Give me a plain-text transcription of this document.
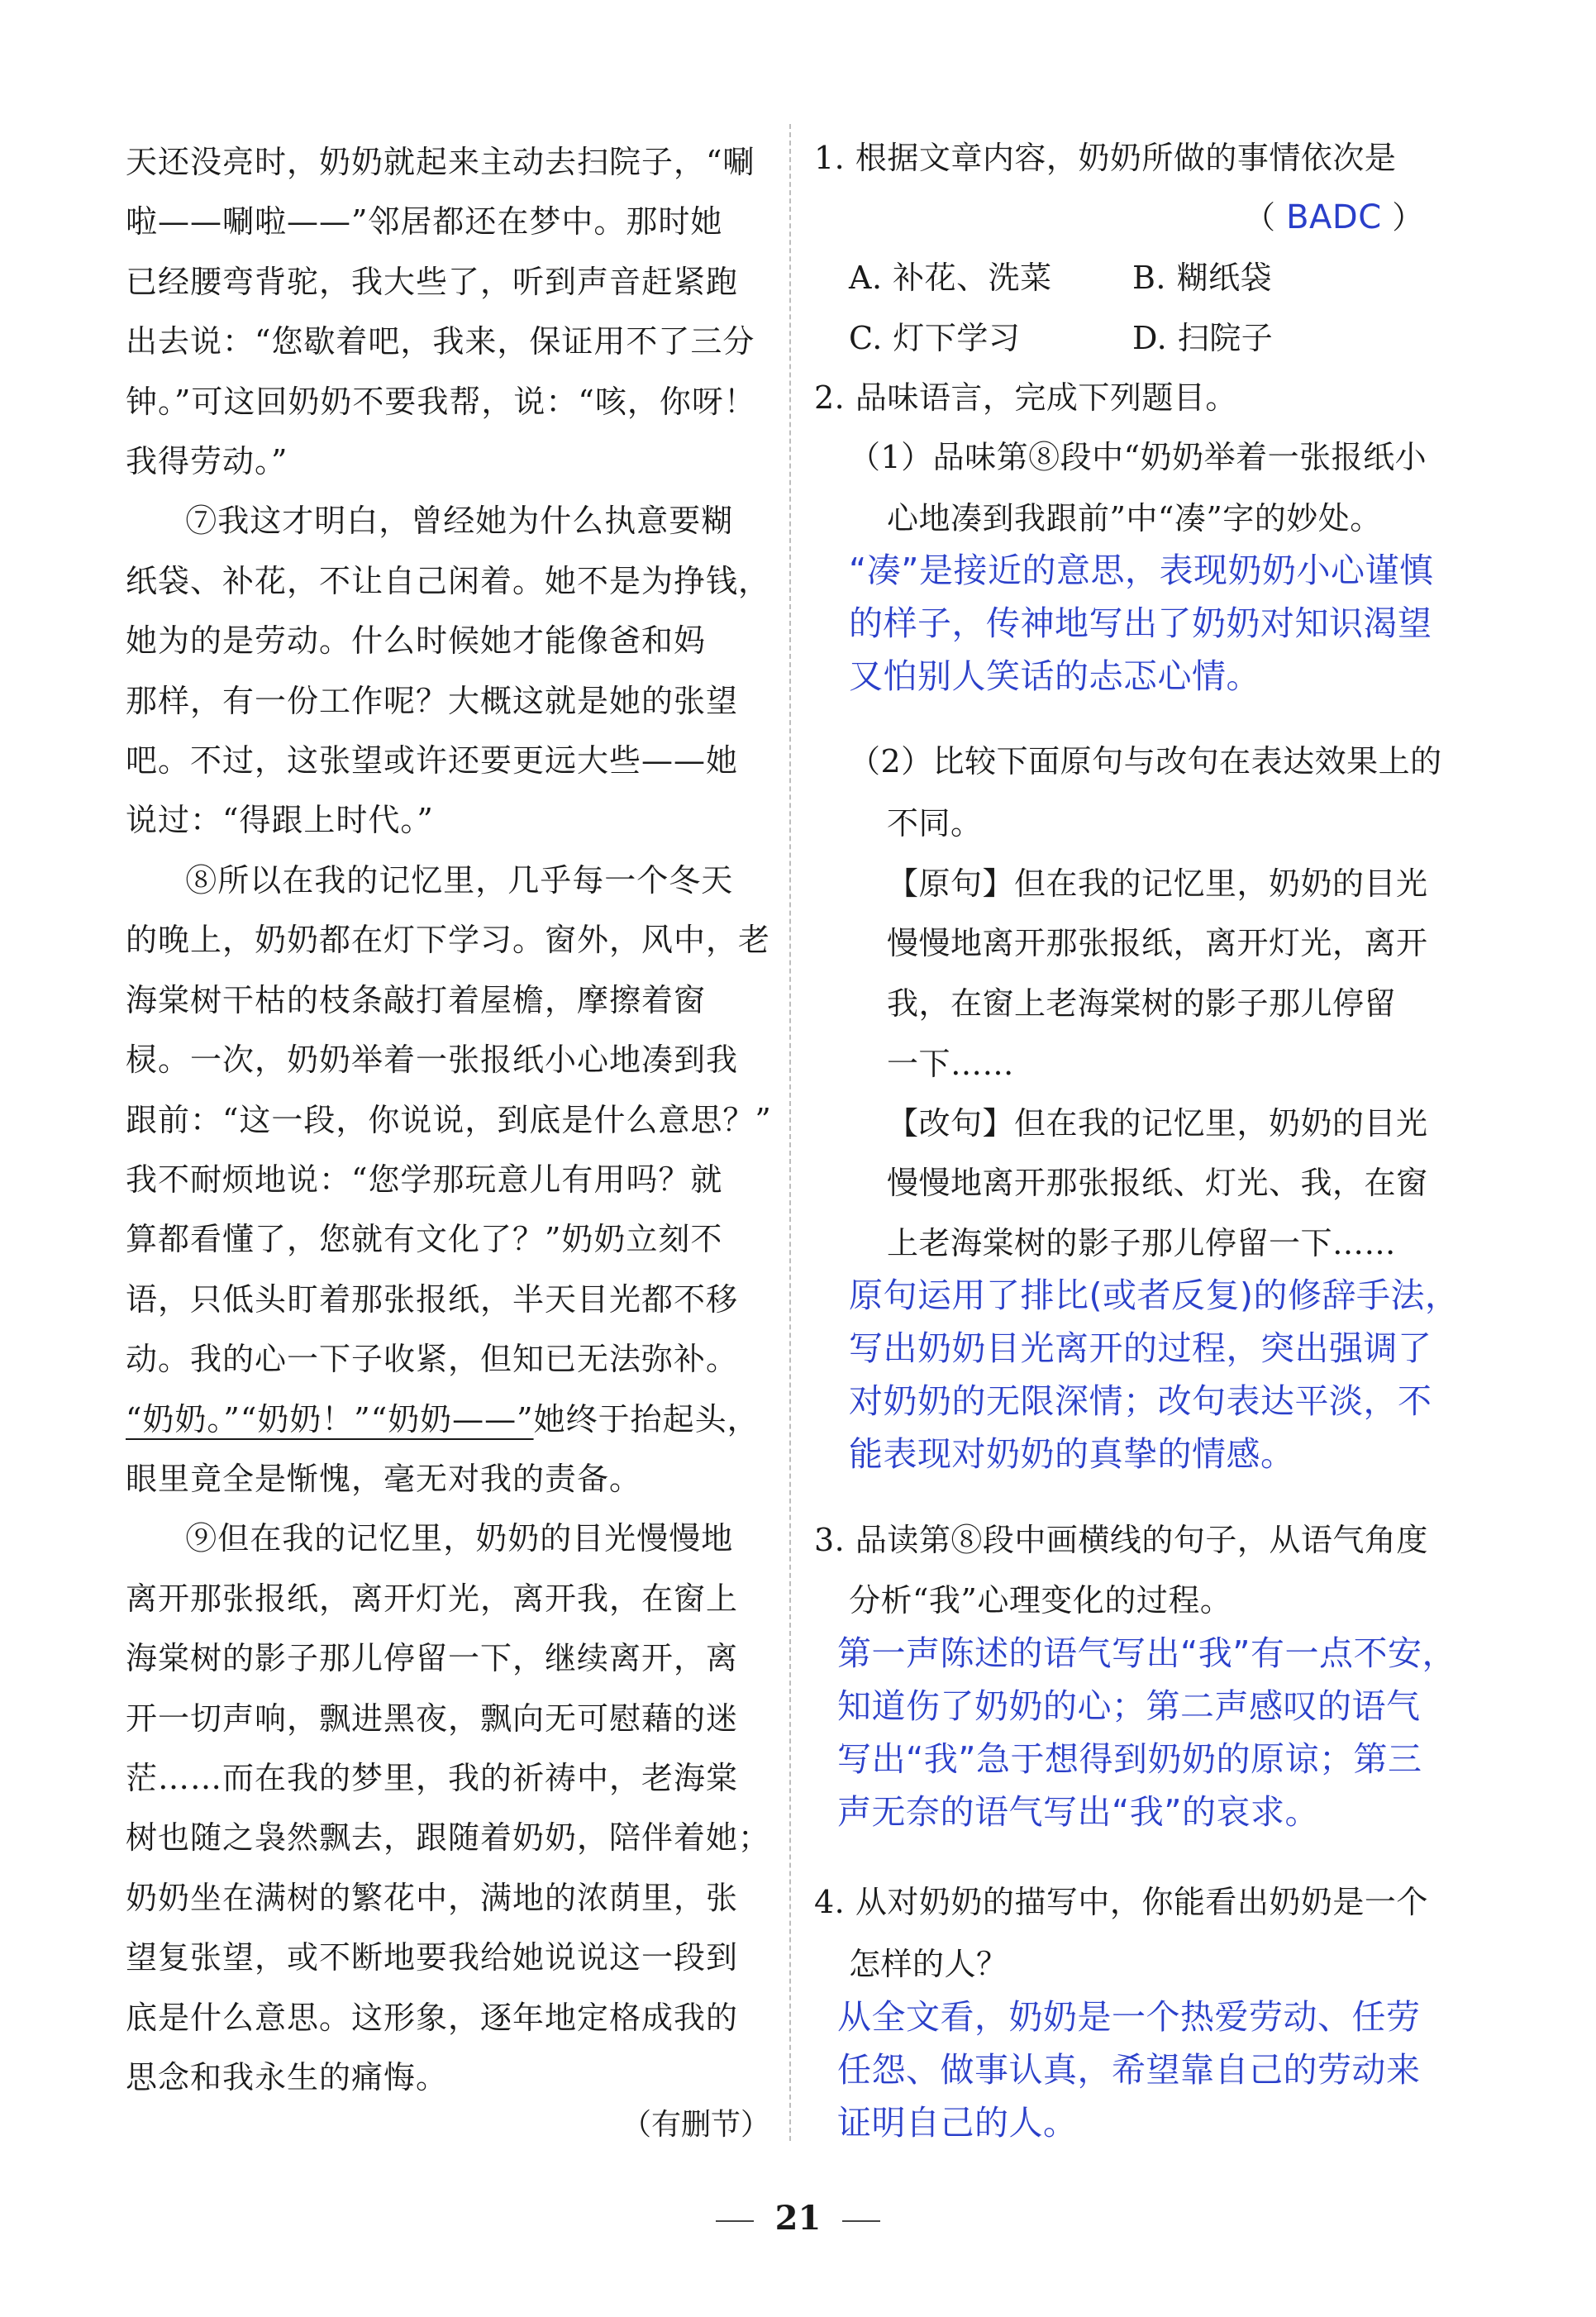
天还没亮时，奶奶就起来主动去扫院子，“唰
啦——唰啦——”邻居都还在梦中。那时她
已经腰弯背驼，我大些了，听到声音赶紧跑
出去说：“您歇着吧，我来，保证用不了三分
钟。”可这回奶奶不要我帮，说：“咳，你呀！
我得劳动。”

⑦我这才明白，曾经她为什么执意要糊
纸袋、补花，不让自己闲着。她不是为挣钱，
她为的是劳动。什么时候她才能像爸和妈
那样，有一份工作呢？大概这就是她的张望
吧。不过，这张望或许还要更远大些——她
说过：“得跟上时代。”

⑧所以在我的记忆里，几乎每一个冬天
的晚上，奶奶都在灯下学习。窗外，风中，老
海棠树干枯的枝条敲打着屋檐，摩擦着窗
棂。一次，奶奶举着一张报纸小心地凑到我
跟前：“这一段，你说说，到底是什么意思？”
我不耐烦地说：“您学那玩意儿有用吗？就
算都看懂了，您就有文化了？”奶奶立刻不
语，只低头盯着那张报纸，半天目光都不移
动。我的心一下子收紧，但知已无法弥补。
“奶奶。”“奶奶！”“奶奶——”她终于抬起头，
眼里竟全是惭愧，毫无对我的责备。

⑨但在我的记忆里，奶奶的目光慢慢地
离开那张报纸，离开灯光，离开我，在窗上
海棠树的影子那儿停留一下，继续离开，离
开一切声响，飘进黑夜，飘向无可慰藉的迷
茫……而在我的梦里，我的祈祷中，老海棠
树也随之袅然飘去，跟随着奶奶，陪伴着她；
奶奶坐在满树的繁花中，满地的浓荫里，张
望复张望，或不断地要我给她说说这一段到
底是什么意思。这形象，逐年地定格成我的
思念和我永生的痛悔。

（有删节）
1. 根据文章内容，奶奶所做的事情依次是
（ BADC ）
A. 补花、洗菜	B. 糊纸袋
C. 灯下学习	D. 扫院子
2. 品味语言，完成下列题目。
（1）品味第⑧段中“奶奶举着一张报纸小
心地凑到我跟前”中“凑”字的妙处。
“凑”是接近的意思，表现奶奶小心谨慎
的样子，传神地写出了奶奶对知识渴望
又怕别人笑话的忐忑心情。
（2）比较下面原句与改句在表达效果上的
不同。
【原句】但在我的记忆里，奶奶的目光
慢慢地离开那张报纸，离开灯光，离开
我，在窗上老海棠树的影子那儿停留
一下……
【改句】但在我的记忆里，奶奶的目光
慢慢地离开那张报纸、灯光、我，在窗
上老海棠树的影子那儿停留一下……
原句运用了排比(或者反复)的修辞手法，
写出奶奶目光离开的过程，突出强调了
对奶奶的无限深情；改句表达平淡，不
能表现对奶奶的真挚的情感。
3. 品读第⑧段中画横线的句子，从语气角度
分析“我”心理变化的过程。
第一声陈述的语气写出“我”有一点不安，
知道伤了奶奶的心；第二声感叹的语气
写出“我”急于想得到奶奶的原谅；第三
声无奈的语气写出“我”的哀求。
4. 从对奶奶的描写中，你能看出奶奶是一个
怎样的人？
从全文看，奶奶是一个热爱劳动、任劳
任怨、做事认真，希望靠自己的劳动来
证明自己的人。
21
